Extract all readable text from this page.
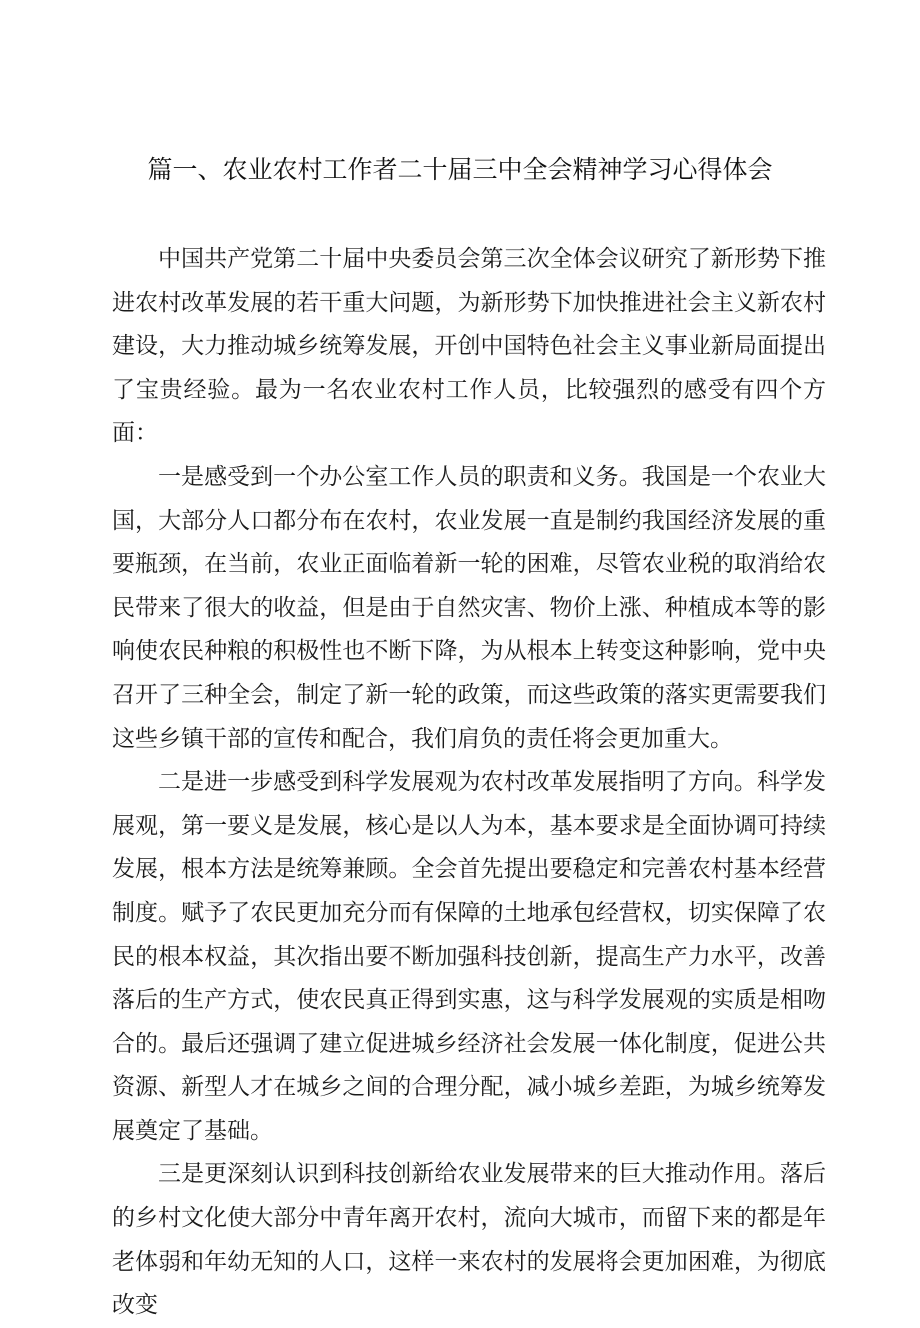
篇一、农业农村工作者二十届三中全会精神学习心得体会

中国共产党第二十届中央委员会第三次全体会议研究了新形势下推进农村改革发展的若干重大问题，为新形势下加快推进社会主义新农村建设，大力推动城乡统筹发展，开创中国特色社会主义事业新局面提出了宝贵经验。最为一名农业农村工作人员，比较强烈的感受有四个方面：

一是感受到一个办公室工作人员的职责和义务。我国是一个农业大国，大部分人口都分布在农村，农业发展一直是制约我国经济发展的重要瓶颈，在当前，农业正面临着新一轮的困难，尽管农业税的取消给农民带来了很大的收益，但是由于自然灾害、物价上涨、种植成本等的影响使农民种粮的积极性也不断下降，为从根本上转变这种影响，党中央召开了三种全会，制定了新一轮的政策，而这些政策的落实更需要我们这些乡镇干部的宣传和配合，我们肩负的责任将会更加重大。

二是进一步感受到科学发展观为农村改革发展指明了方向。科学发展观，第一要义是发展，核心是以人为本，基本要求是全面协调可持续发展，根本方法是统筹兼顾。全会首先提出要稳定和完善农村基本经营制度。赋予了农民更加充分而有保障的土地承包经营权，切实保障了农民的根本权益，其次指出要不断加强科技创新，提高生产力水平，改善落后的生产方式，使农民真正得到实惠，这与科学发展观的实质是相吻合的。最后还强调了建立促进城乡经济社会发展一体化制度，促进公共资源、新型人才在城乡之间的合理分配，减小城乡差距，为城乡统筹发展奠定了基础。

三是更深刻认识到科技创新给农业发展带来的巨大推动作用。落后的乡村文化使大部分中青年离开农村，流向大城市，而留下来的都是年老体弱和年幼无知的人口，这样一来农村的发展将会更加困难，为彻底改变
